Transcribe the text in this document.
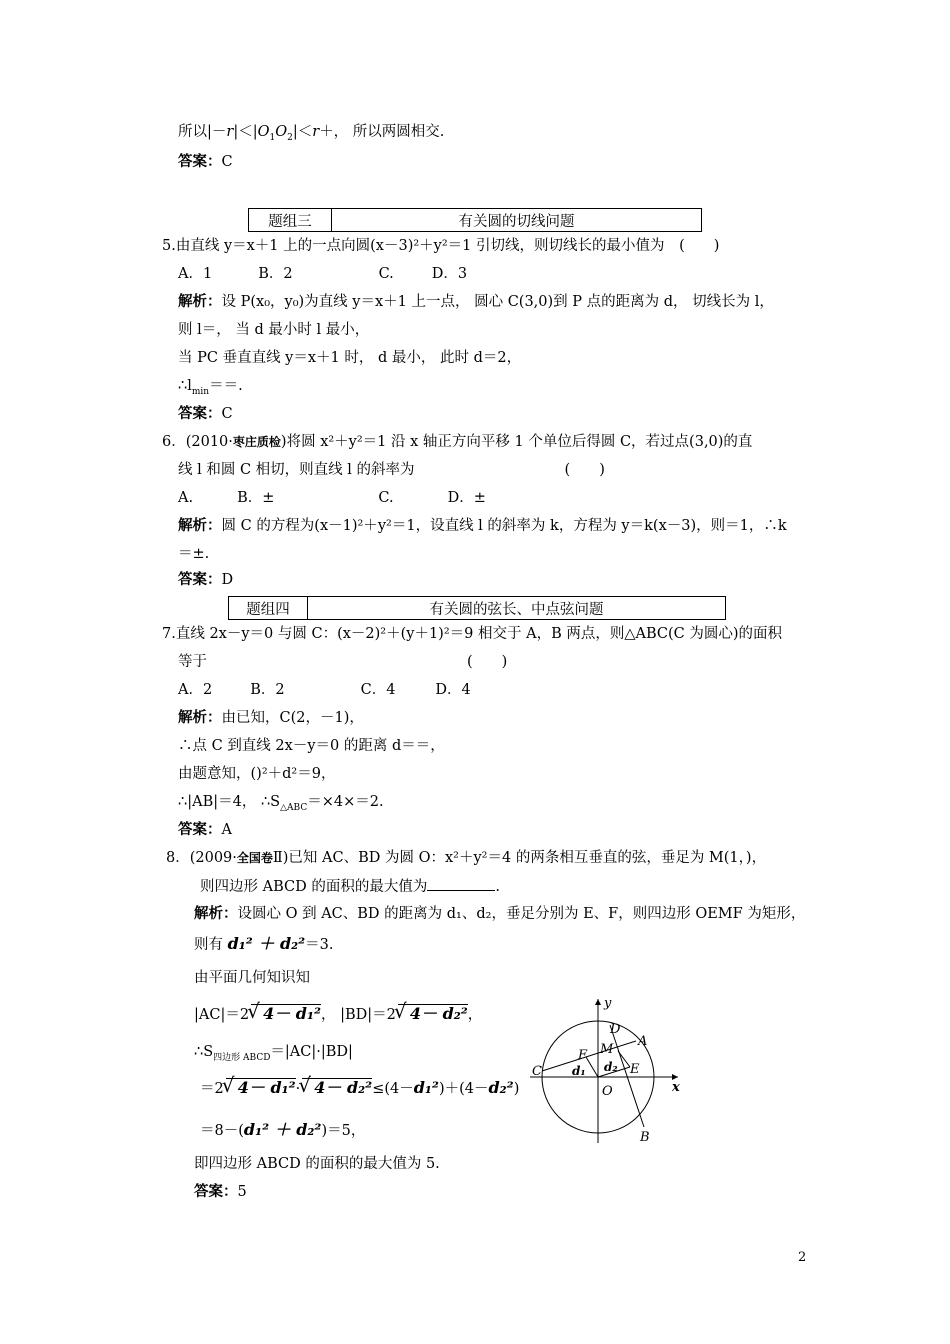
所以$|-r|<|O_1O_2|<r+$， 所以两圆相交.
答案：C
题组三	有关圆的切线问题
5.由直线 y＝x＋1 上的一点向圆(x－3)²＋y²＝1 引切线，则切线长的最小值为 (　　)
A．1	B．2	C.	D．3
解析：设 P(x₀，y₀)为直线 y＝x＋1 上一点， 圆心 C(3,0)到 P 点的距离为 d， 切线长为 l，
则 l＝， 当 d 最小时 l 最小，
当 PC 垂直直线 y＝x＋1 时， d 最小， 此时 d＝2，
$\therefore l_{min}==$.
答案：C
6．(2010·枣庄质检)将圆 x²＋y²＝1 沿 x 轴正方向平移 1 个单位后得圆 C，若过点(3,0)的直
线 l 和圆 C 相切，则直线 l 的斜率为	(　　)
A.	B．±	C.	D．±
解析：圆 C 的方程为(x－1)²＋y²＝1，设直线 l 的斜率为 k，方程为 y＝k(x－3)，则＝1，∴k
＝±.
答案：D
题组四	有关圆的弦长、中点弦问题
7.直线 2x－y＝0 与圆 C：(x－2)²＋(y＋1)²＝9 相交于 A，B 两点，则△ABC(C 为圆心)的面积
等于	(　　)
A．2	B．2	C．4	D．4
解析：由已知，C(2，－1)，
∴点 C 到直线 2x－y＝0 的距离 d＝＝，
由题意知，()²＋d²＝9，
∴|AB|＝4， $\therefore S_{\triangle ABC}=\times 4\times=2$.
答案：A
8．(2009·全国卷Ⅱ)已知 AC、BD 为圆 O：x²＋y²＝4 的两条相互垂直的弦，垂足为 M(1，)，
则四边形 ABCD 的面积的最大值为	.
解析：设圆心 O 到 AC、BD 的距离为 d₁、d₂，垂足分别为 E、F，则四边形 OEMF 为矩形，
则有 d₁² ＋ d₂²＝3.
由平面几何知识知
|AC|＝2 √ 4－ d₁²， |BD|＝2 √ 4－ d₂²，
$\therefore S_{四边形 ABCD}=|AC|\cdot|BD|$
＝2 √ 4－ d₁²· √ 4－ d₂²≤(4－d₁²)＋(4－d₂²)
＝8－(d₁² ＋ d₂²)＝5，
即四边形 ABCD 的面积的最大值为 5.
答案：5
y
x
D
A
M
F
C	d₁ d₂ E
O
B
2
